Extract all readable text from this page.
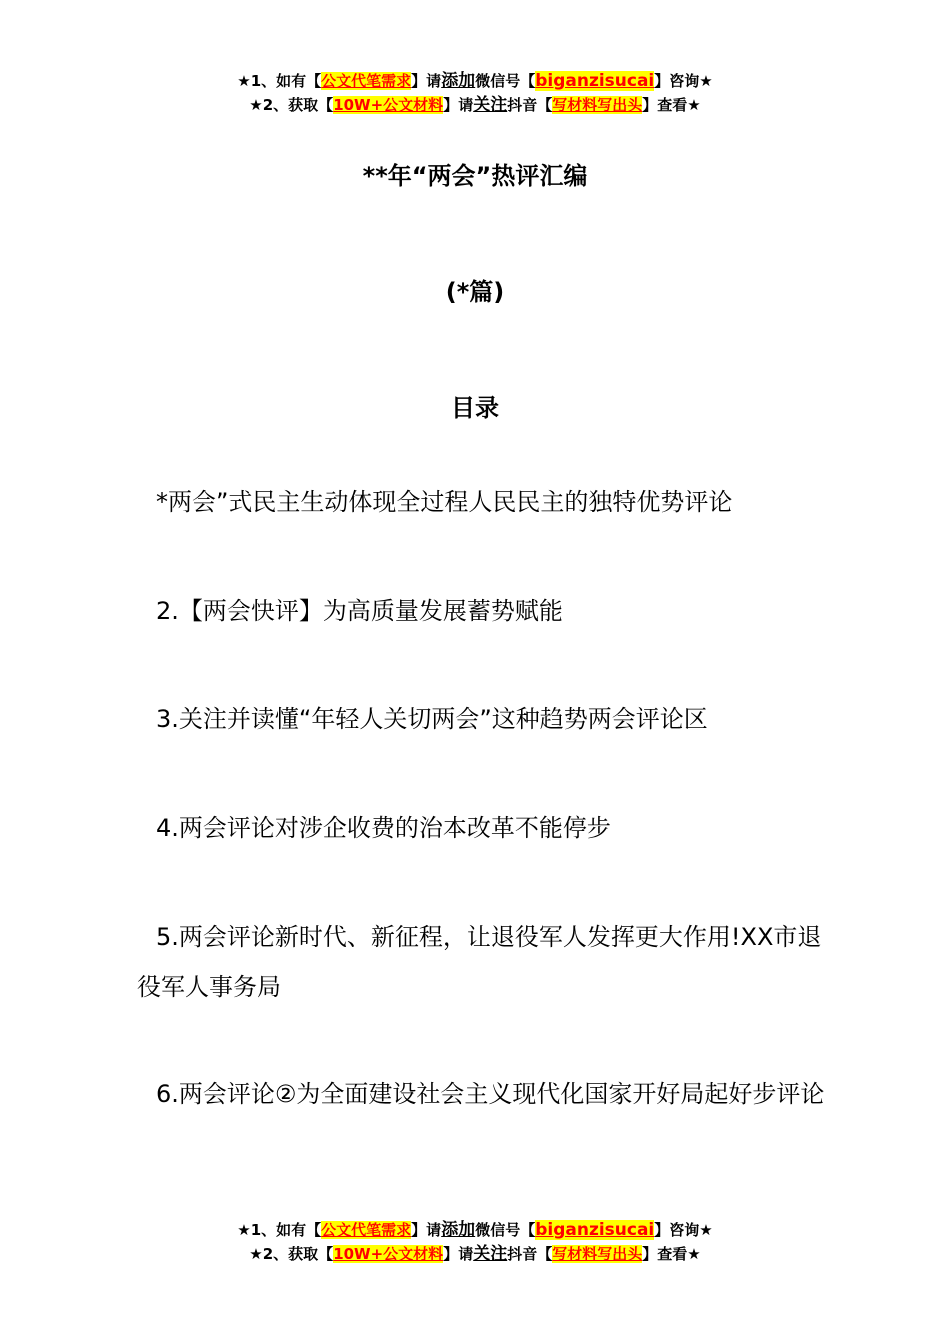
★1、如有【公文代笔需求】请添加微信号【biganzisucai】咨询★
★2、获取【10W+公文材料】请关注抖音【写材料写出头】查看★
**年“两会”热评汇编
(*篇)
目录
*两会”式民主生动体现全过程人民民主的独特优势评论
2.【两会快评】为高质量发展蓄势赋能
3.关注并读懂“年轻人关切两会”这种趋势两会评论区
4.两会评论对涉企收费的治本改革不能停步
5.两会评论新时代、新征程，让退役军人发挥更大作用!XX市退役军人事务局
6.两会评论②为全面建设社会主义现代化国家开好局起好步评论
★1、如有【公文代笔需求】请添加微信号【biganzisucai】咨询★
★2、获取【10W+公文材料】请关注抖音【写材料写出头】查看★
